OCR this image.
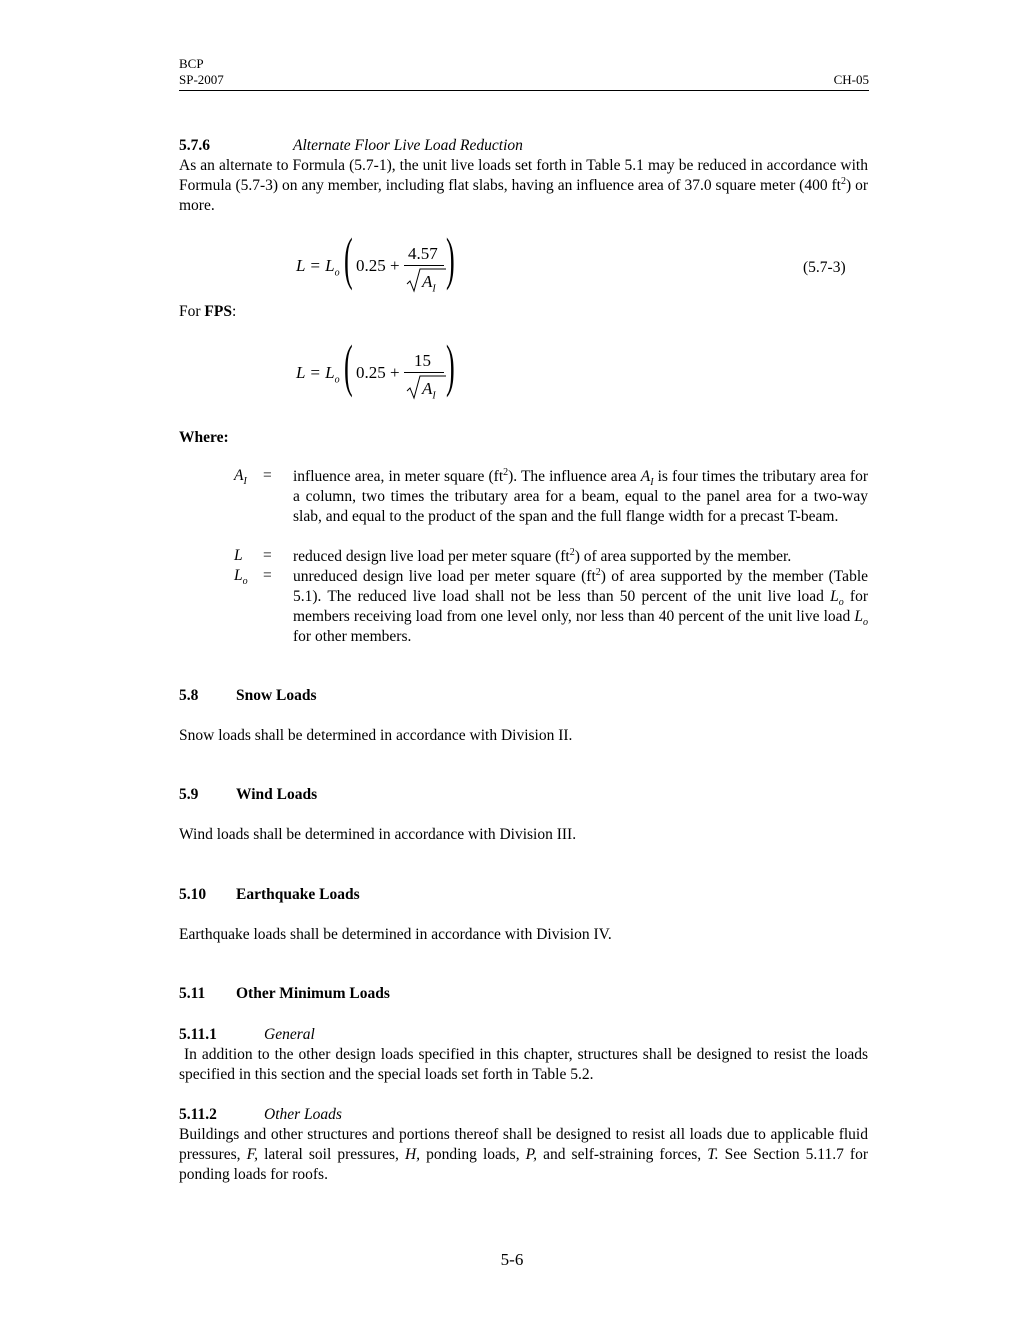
BCP
SP-2007	CH-05
5.7.6	Alternate Floor Live Load Reduction
As an alternate to Formula (5.7-1), the unit live loads set forth in Table 5.1 may be reduced in accordance with Formula (5.7-3) on any member, including flat slabs, having an influence area of 37.0 square meter (400 $ft^2$) or more.
$L = L_o$ ( 0.25 +
4.57
$A_I$ )	(5.7-3)
For FPS:
$L = L_o$ ( 0.25 +
15
$A_I$ )
Where:
$A_I$ = influence area, in meter square $(ft^2)$. The influence area $A_I$ is four times the tributary area for a column, two times the tributary area for a beam, equal to the panel area for a two-way slab, and equal to the product of the span and the full flange width for a precast T-beam.
L = reduced design live load per meter square $(ft^2)$ of area supported by the member.
$L_o$ = unreduced design live load per meter square $(ft^2)$ of area supported by the member (Table 5.1). The reduced live load shall not be less than 50 percent of the unit live load $L_o$ for members receiving load from one level only, nor less than 40 percent of the unit live load $L_o$ for other members.
5.8 Snow Loads
Snow loads shall be determined in accordance with Division II.
5.9 Wind Loads
Wind loads shall be determined in accordance with Division III.
5.10 Earthquake Loads
Earthquake loads shall be determined in accordance with Division IV.
5.11 Other Minimum Loads
5.11.1	General
In addition to the other design loads specified in this chapter, structures shall be designed to resist the loads specified in this section and the special loads set forth in Table 5.2.
5.11.2	Other Loads
Buildings and other structures and portions thereof shall be designed to resist all loads due to applicable fluid pressures, F, lateral soil pressures, H, ponding loads, P, and self-straining forces, T. See Section 5.11.7 for ponding loads for roofs.
5-6
